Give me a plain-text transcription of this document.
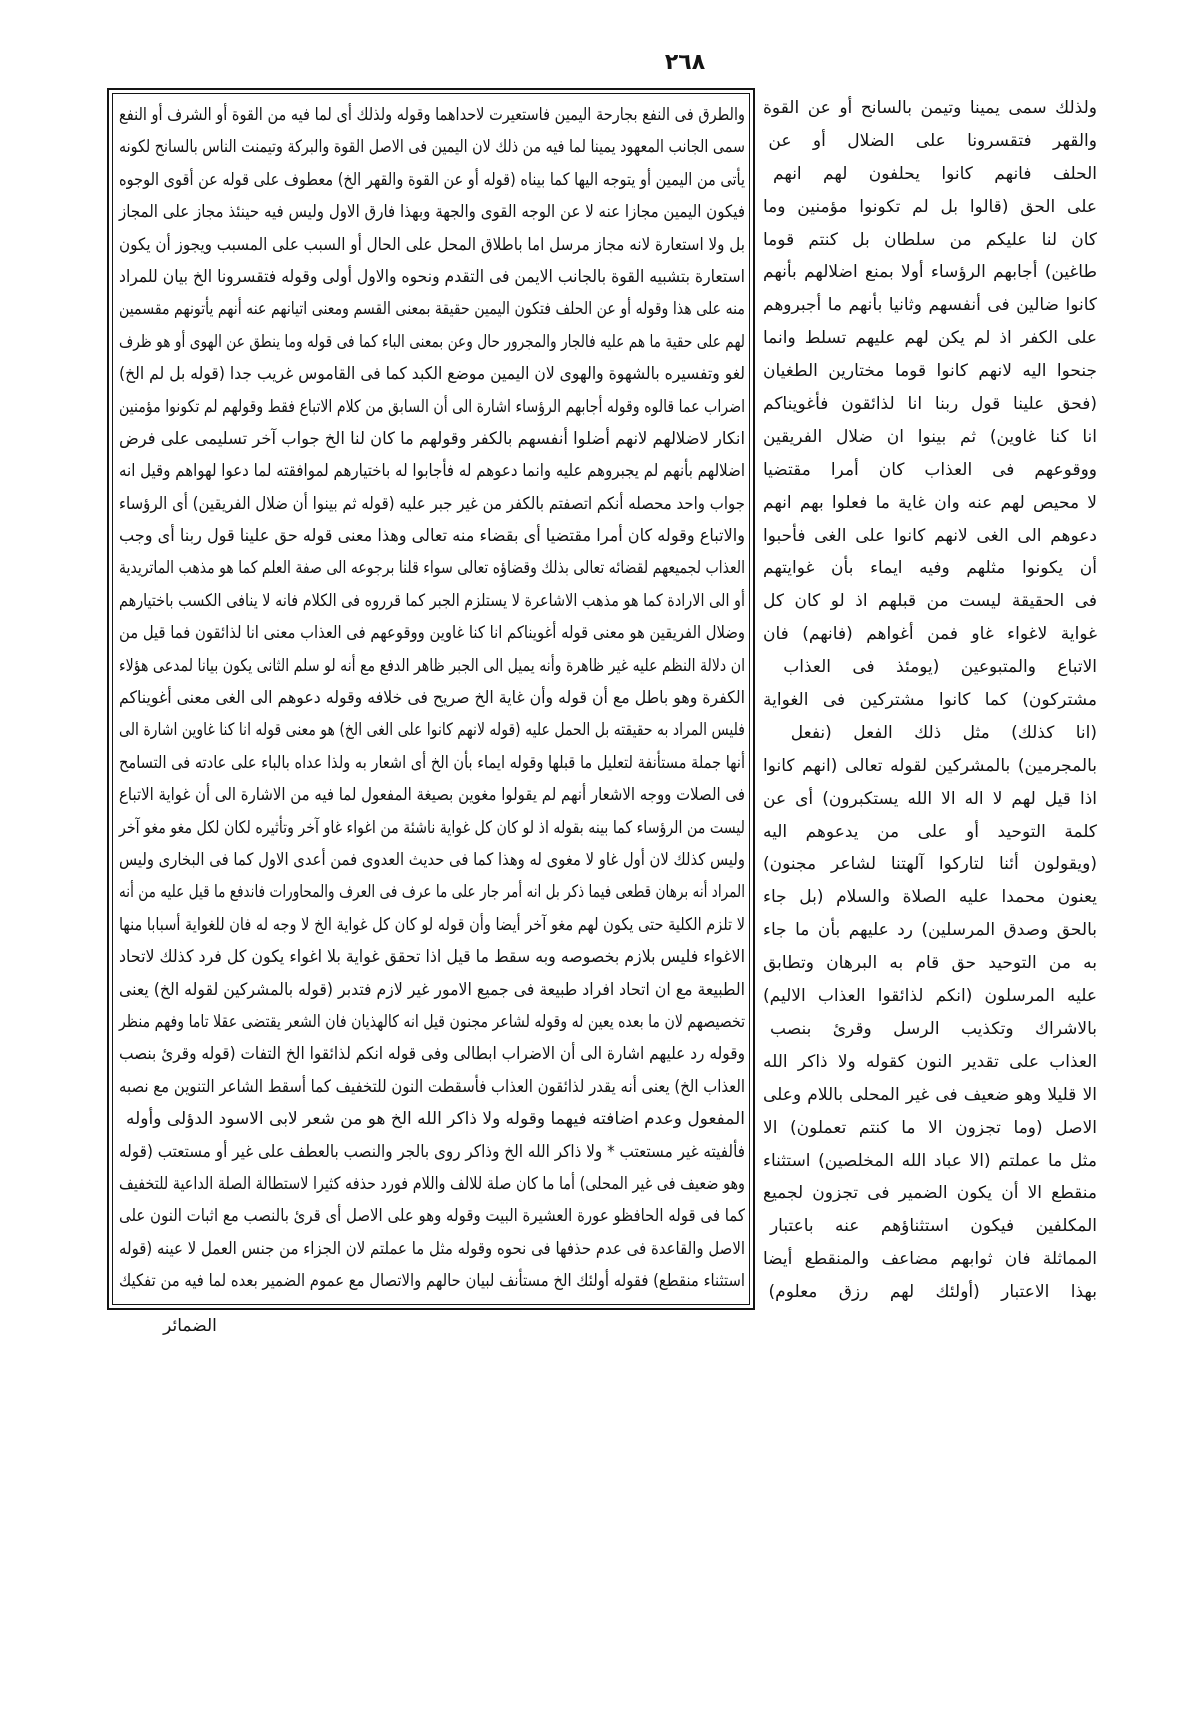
٢٦٨
والطرق فى النفع بجارحة اليمين فاستعيرت لاحداهما وقوله ولذلك أى لما فيه من القوة أو الشرف أو النفع
سمى الجانب المعهود يمينا لما فيه من ذلك لان اليمين فى الاصل القوة والبركة وتيمنت الناس بالسانح لكونه
يأتى من اليمين أو يتوجه اليها كما بيناه (قوله أو عن القوة والقهر الخ) معطوف على قوله عن أقوى الوجوه
فيكون اليمين مجازا عنه لا عن الوجه القوى والجهة وبهذا فارق الاول وليس فيه حينئذ مجاز على المجاز
بل ولا استعارة لانه مجاز مرسل اما باطلاق المحل على الحال أو السبب على المسبب ويجوز أن يكون
استعارة بتشبيه القوة بالجانب الايمن فى التقدم ونحوه والاول أولى وقوله فتقسرونا الخ بيان للمراد
منه على هذا وقوله أو عن الحلف فتكون اليمين حقيقة بمعنى القسم ومعنى اتيانهم عنه أنهم يأتونهم مقسمين
لهم على حقية ما هم عليه فالجار والمجرور حال وعن بمعنى الباء كما فى قوله وما ينطق عن الهوى أو هو ظرف
لغو وتفسيره بالشهوة والهوى لان اليمين موضع الكبد كما فى القاموس غريب جدا (قوله بل لم الخ)
اضراب عما قالوه وقوله أجابهم الرؤساء اشارة الى أن السابق من كلام الاتباع فقط وقولهم لم تكونوا مؤمنين
انكار لاضلالهم لانهم أضلوا أنفسهم بالكفر وقولهم ما كان لنا الخ جواب آخر تسليمى على فرض
اضلالهم بأنهم لم يجبروهم عليه وانما دعوهم له فأجابوا له باختيارهم لموافقته لما دعوا لهواهم وقيل انه
جواب واحد محصله أنكم اتصفتم بالكفر من غير جبر عليه (قوله ثم بينوا أن ضلال الفريقين) أى الرؤساء
والاتباع وقوله كان أمرا مقتضيا أى بقضاء منه تعالى وهذا معنى قوله حق علينا قول ربنا أى وجب
العذاب لجميعهم لقضائه تعالى بذلك وقضاؤه تعالى سواء قلنا برجوعه الى صفة العلم كما هو مذهب الماتريدية
أو الى الارادة كما هو مذهب الاشاعرة لا يستلزم الجبر كما قرروه فى الكلام فانه لا ينافى الكسب باختيارهم
وضلال الفريقين هو معنى قوله أغويناكم انا كنا غاوين ووقوعهم فى العذاب معنى انا لذائقون فما قيل من
ان دلالة النظم عليه غير ظاهرة وأنه يميل الى الجبر ظاهر الدفع مع أنه لو سلم الثانى يكون بيانا لمدعى هؤلاء
الكفرة وهو باطل مع أن قوله وأن غاية الخ صريح فى خلافه وقوله دعوهم الى الغى معنى أغويناكم
فليس المراد به حقيقته بل الحمل عليه (قوله لانهم كانوا على الغى الخ) هو معنى قوله انا كنا غاوين اشارة الى
أنها جملة مستأنفة لتعليل ما قبلها وقوله ايماء بأن الخ أى اشعار به ولذا عداه بالباء على عادته فى التسامح
فى الصلات ووجه الاشعار أنهم لم يقولوا مغوين بصيغة المفعول لما فيه من الاشارة الى أن غواية الاتباع
ليست من الرؤساء كما بينه بقوله اذ لو كان كل غواية ناشئة من اغواء غاو آخر وتأثيره لكان لكل مغو مغو آخر
وليس كذلك لان أول غاو لا مغوى له وهذا كما فى حديث العدوى فمن أعدى الاول كما فى البخارى وليس
المراد أنه برهان قطعى فيما ذكر بل انه أمر جار على ما عرف فى العرف والمحاورات فاندفع ما قيل عليه من أنه
لا تلزم الكلية حتى يكون لهم مغو آخر أيضا وأن قوله لو كان كل غواية الخ لا وجه له فان للغواية أسبابا منها
الاغواء فليس بلازم بخصوصه وبه سقط ما قيل اذا تحقق غواية بلا اغواء يكون كل فرد كذلك لاتحاد
الطبيعة مع ان اتحاد افراد طبيعة فى جميع الامور غير لازم فتدبر (قوله بالمشركين لقوله الخ) يعنى
تخصيصهم لان ما بعده يعين له وقوله لشاعر مجنون قيل انه كالهذيان فان الشعر يقتضى عقلا تاما وفهم منظر
وقوله رد عليهم اشارة الى أن الاضراب ابطالى وفى قوله انكم لذائقوا الخ التفات (قوله وقرئ بنصب
العذاب الخ) يعنى أنه يقدر لذائقون العذاب فأسقطت النون للتخفيف كما أسقط الشاعر التنوين مع نصبه
المفعول وعدم اضافته فيهما وقوله ولا ذاكر الله الخ هو من شعر لابى الاسود الدؤلى وأوله
فألفيته غير مستعتب * ولا ذاكر الله الخ وذاكر روى بالجر والنصب بالعطف على غير أو مستعتب (قوله
وهو ضعيف فى غير المحلى) أما ما كان صلة للالف واللام فورد حذفه كثيرا لاستطالة الصلة الداعية للتخفيف
كما فى قوله الحافظو عورة العشيرة البيت وقوله وهو على الاصل أى قرئ بالنصب مع اثبات النون على
الاصل والقاعدة فى عدم حذفها فى نحوه وقوله مثل ما عملتم لان الجزاء من جنس العمل لا عينه (قوله
استثناء منقطع) فقوله أولئك الخ مستأنف لبيان حالهم والاتصال مع عموم الضمير بعده لما فيه من تفكيك
ولذلك سمى يمينا وتيمن بالسانح أو عن القوة
والقهر فتقسرونا على الضلال أو عن
الحلف فانهم كانوا يحلفون لهم انهم
على الحق (قالوا بل لم تكونوا مؤمنين وما
كان لنا عليكم من سلطان بل كنتم قوما
طاغين) أجابهم الرؤساء أولا بمنع اضلالهم بأنهم
كانوا ضالين فى أنفسهم وثانيا بأنهم ما أجبروهم
على الكفر اذ لم يكن لهم عليهم تسلط وانما
جنحوا اليه لانهم كانوا قوما مختارين الطغيان
(فحق علينا قول ربنا انا لذائقون فأغويناكم
انا كنا غاوين) ثم بينوا ان ضلال الفريقين
ووقوعهم فى العذاب كان أمرا مقتضيا
لا محيص لهم عنه وان غاية ما فعلوا بهم انهم
دعوهم الى الغى لانهم كانوا على الغى فأحبوا
أن يكونوا مثلهم وفيه ايماء بأن غوايتهم
فى الحقيقة ليست من قبلهم اذ لو كان كل
غواية لاغواء غاو فمن أغواهم (فانهم) فان
الاتباع والمتبوعين (يومئذ فى العذاب
مشتركون) كما كانوا مشتركين فى الغواية
(انا كذلك) مثل ذلك الفعل (نفعل
بالمجرمين) بالمشركين لقوله تعالى (انهم كانوا
اذا قيل لهم لا اله الا الله يستكبرون) أى عن
كلمة التوحيد أو على من يدعوهم اليه
(ويقولون أئنا لتاركوا آلهتنا لشاعر مجنون)
يعنون محمدا عليه الصلاة والسلام (بل جاء
بالحق وصدق المرسلين) رد عليهم بأن ما جاء
به من التوحيد حق قام به البرهان وتطابق
عليه المرسلون (انكم لذائقوا العذاب الاليم)
بالاشراك وتكذيب الرسل وقرئ بنصب
العذاب على تقدير النون كقوله ولا ذاكر الله
الا قليلا وهو ضعيف فى غير المحلى باللام وعلى
الاصل (وما تجزون الا ما كنتم تعملون) الا
مثل ما عملتم (الا عباد الله المخلصين) استثناء
منقطع الا أن يكون الضمير فى تجزون لجميع
المكلفين فيكون استثناؤهم عنه باعتبار
المماثلة فان ثوابهم مضاعف والمنقطع أيضا
بهذا الاعتبار (أولئك لهم رزق معلوم)
الضمائر
